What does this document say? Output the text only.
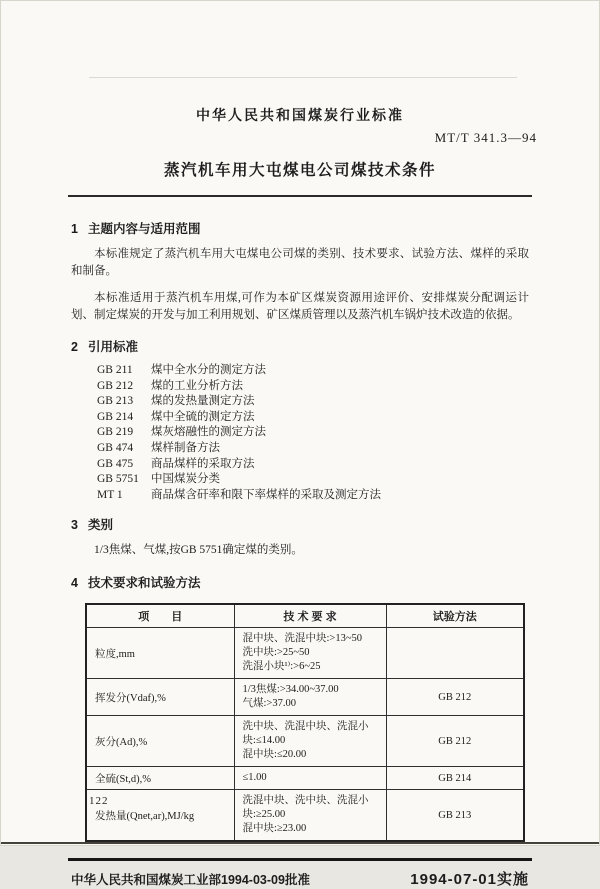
中华人民共和国煤炭行业标准
MT/T 341.3—94
蒸汽机车用大屯煤电公司煤技术条件
1 主题内容与适用范围

本标准规定了蒸汽机车用大屯煤电公司煤的类别、技术要求、试验方法、煤样的采取和制备。

本标准适用于蒸汽机车用煤,可作为本矿区煤炭资源用途评价、安排煤炭分配调运计划、制定煤炭的开发与加工利用规划、矿区煤质管理以及蒸汽机车锅炉技术改造的依据。

2 引用标准
GB 211 煤中全水分的测定方法
GB 212 煤的工业分析方法
GB 213 煤的发热量测定方法
GB 214 煤中全硫的测定方法
GB 219 煤灰熔融性的测定方法
GB 474 煤样制备方法
GB 475 商品煤样的采取方法
GB 5751 中国煤炭分类
MT 1 商品煤含矸率和限下率煤样的采取及测定方法
3 类别

1/3焦煤、气煤,按GB 5751确定煤的类别。

4 技术要求和试验方法
项　　目	技 术 要 求	试验方法
粒度,mm	混中块、洗混中块:>13~50
洗中块:>25~50
洗混小块¹⁾:>6~25	

挥发分(Vdaf),%	1/3焦煤:>34.00~37.00
气煤:>37.00	GB 212
灰分(Ad),%	洗中块、洗混中块、洗混小块:≤14.00
混中块:≤20.00	GB 212
全硫(St,d),%	≤1.00	GB 214
发热量(Qnet,ar),MJ/kg	洗混中块、洗中块、洗混小块:≥25.00
混中块:≥23.00	GB 213
中华人民共和国煤炭工业部1994-03-09批准	1994-07-01实施
122
